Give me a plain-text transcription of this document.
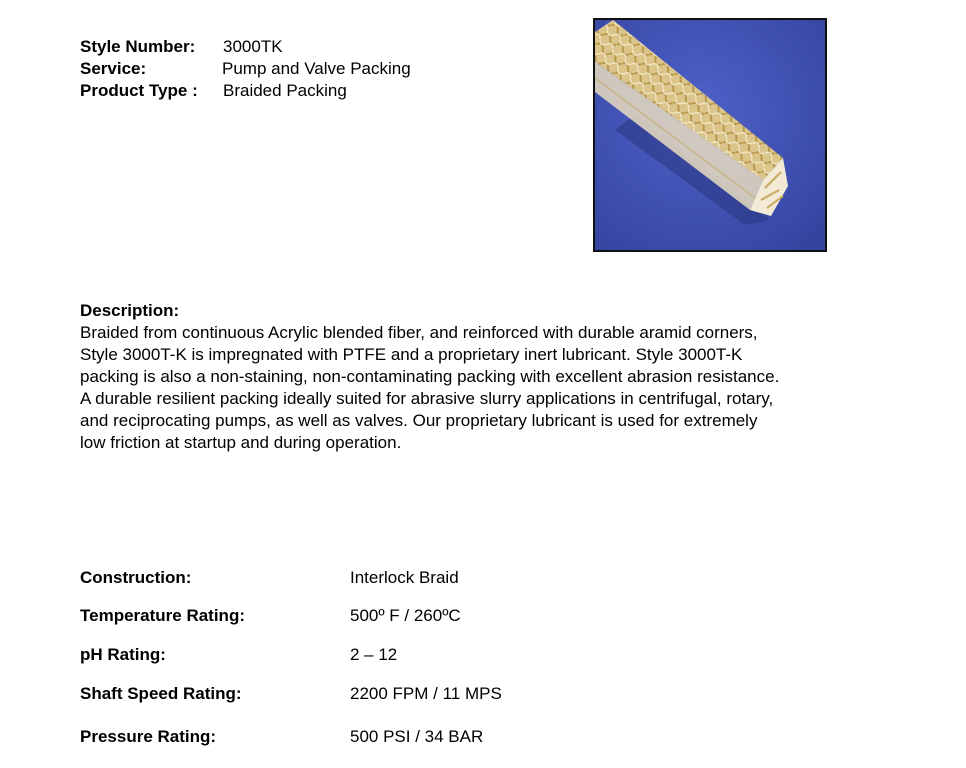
Style Number: 3000TK
Service:	Pump and Valve Packing
Product Type : Braided Packing
Description:
Braided from continuous Acrylic blended fiber, and reinforced with durable aramid corners,
Style 3000T-K is impregnated with PTFE and a proprietary inert lubricant. Style 3000T-K
packing is also a non-staining, non-contaminating packing with excellent abrasion resistance.
A durable resilient packing ideally suited for abrasive slurry applications in centrifugal, rotary,
and reciprocating pumps, as well as valves. Our proprietary lubricant is used for extremely
low friction at startup and during operation.
Construction:	Interlock Braid
Temperature Rating:	500º F / 260ºC
pH Rating:	2 – 12
Shaft Speed Rating:	2200 FPM / 11 MPS
Pressure Rating:	500 PSI / 34 BAR
